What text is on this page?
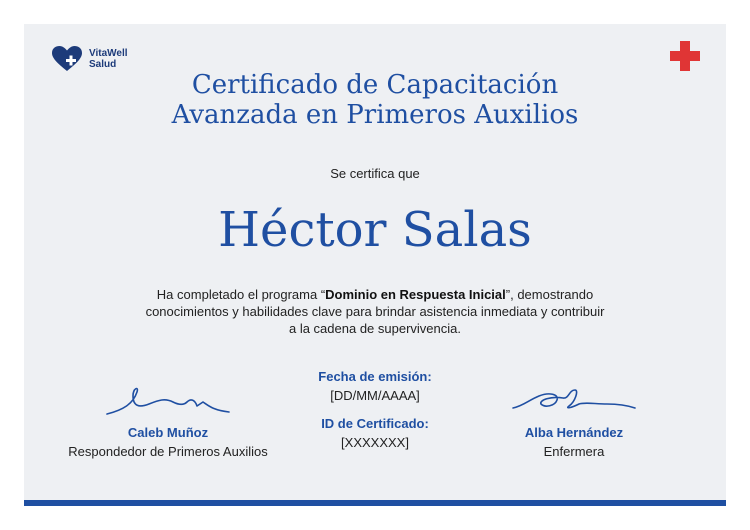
VitaWell Salud
Certificado de Capacitación
Avanzada en Primeros Auxilios
Se certifica que
Héctor Salas
Ha completado el programa “Dominio en Respuesta Inicial”, demostrando conocimientos y habilidades clave para brindar asistencia inmediata y contribuir a la cadena de supervivencia.
Caleb Muñoz
Respondedor de Primeros Auxilios
Fecha de emisión:
[DD/MM/AAAA]
ID de Certificado:
[XXXXXXX]
Alba Hernández
Enfermera
